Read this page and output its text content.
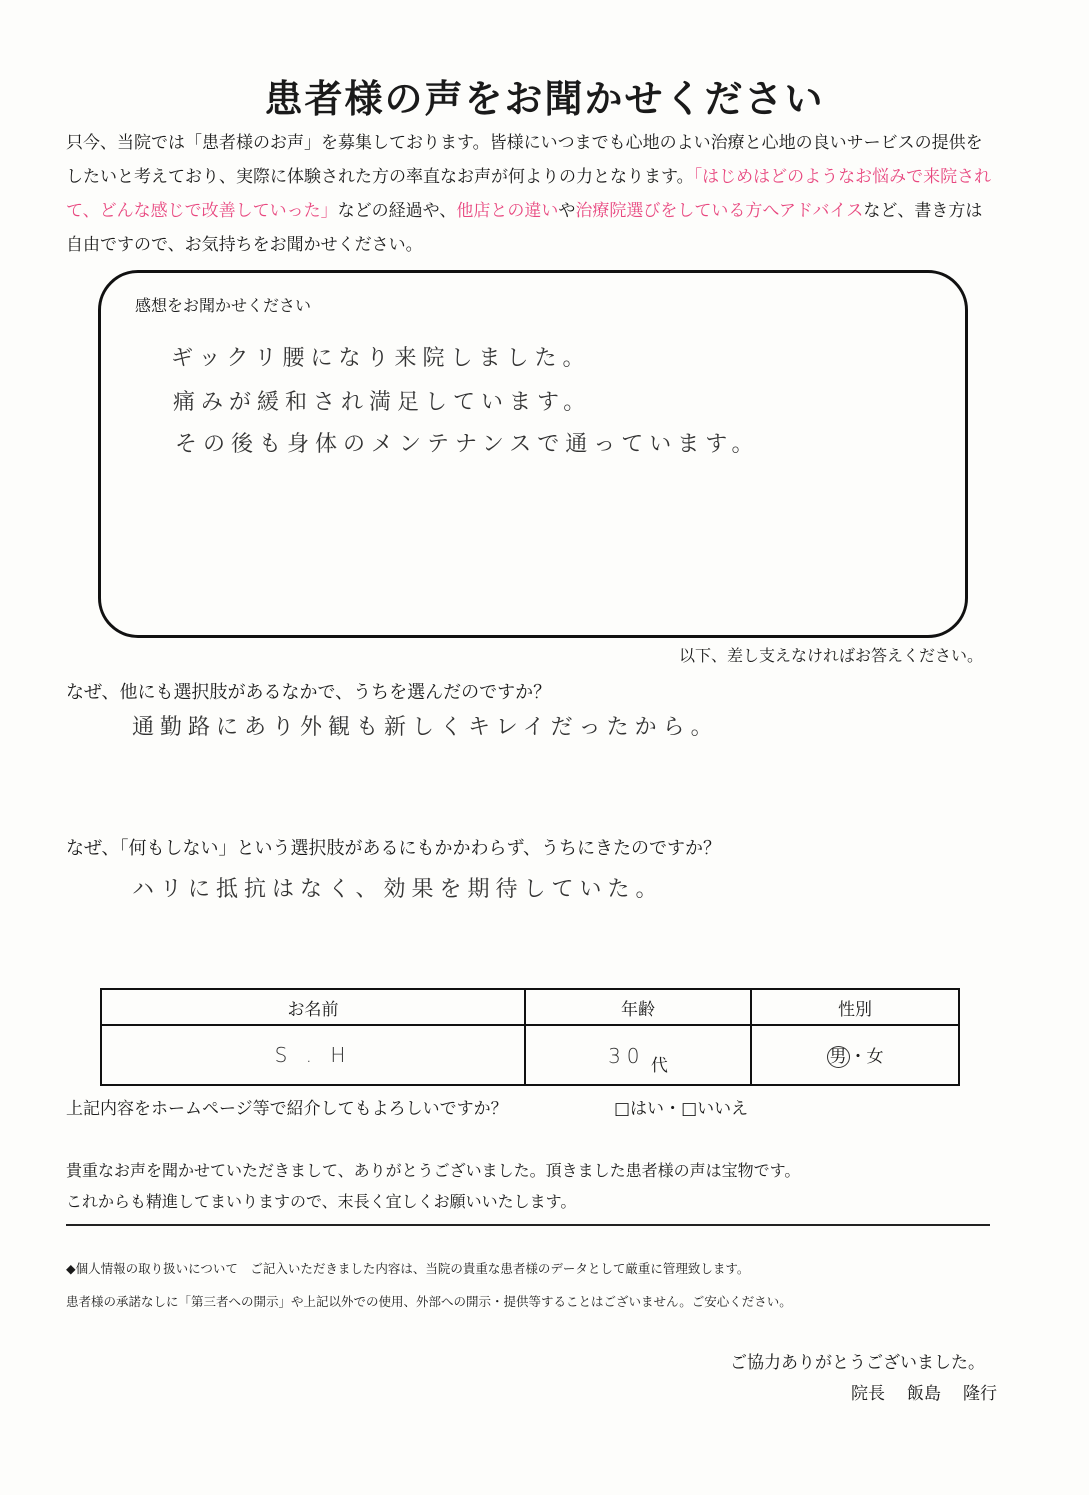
患者様の声をお聞かせください
只今、当院では「患者様のお声」を募集しております。皆様にいつまでも心地のよい治療と心地の良いサービスの提供をしたいと考えており、実際に体験された方の率直なお声が何よりの力となります。「はじめはどのようなお悩みで来院されて、どんな感じで改善していった」などの経過や、他店との違いや治療院選びをしている方へアドバイスなど、書き方は自由ですので、お気持ちをお聞かせください。
感想をお聞かせください
ギックリ腰になり来院しました。
痛みが緩和され満足しています。
その後も身体のメンテナンスで通っています。
以下、差し支えなければお答えください。
なぜ、他にも選択肢があるなかで、うちを選んだのですか？
通勤路にあり外観も新しくキレイだったから。
なぜ、「何もしない」という選択肢があるにもかかわらず、うちにきたのですか？
ハリに抵抗はなく、効果を期待していた。
お名前	年齢	性別
S . H	30 代	男 ・女
上記内容をホームページ等で紹介してもよろしいですか？	□はい・□いいえ
貴重なお声を聞かせていただきまして、ありがとうございました。頂きました患者様の声は宝物です。
これからも精進してまいりますので、末長く宜しくお願いいたします。
◆個人情報の取り扱いについて　ご記入いただきました内容は、当院の貴重な患者様のデータとして厳重に管理致します。
患者様の承諾なしに「第三者への開示」や上記以外での使用、外部への開示・提供等することはございません。ご安心ください。
ご協力ありがとうございました。
院長 飯島 隆行
